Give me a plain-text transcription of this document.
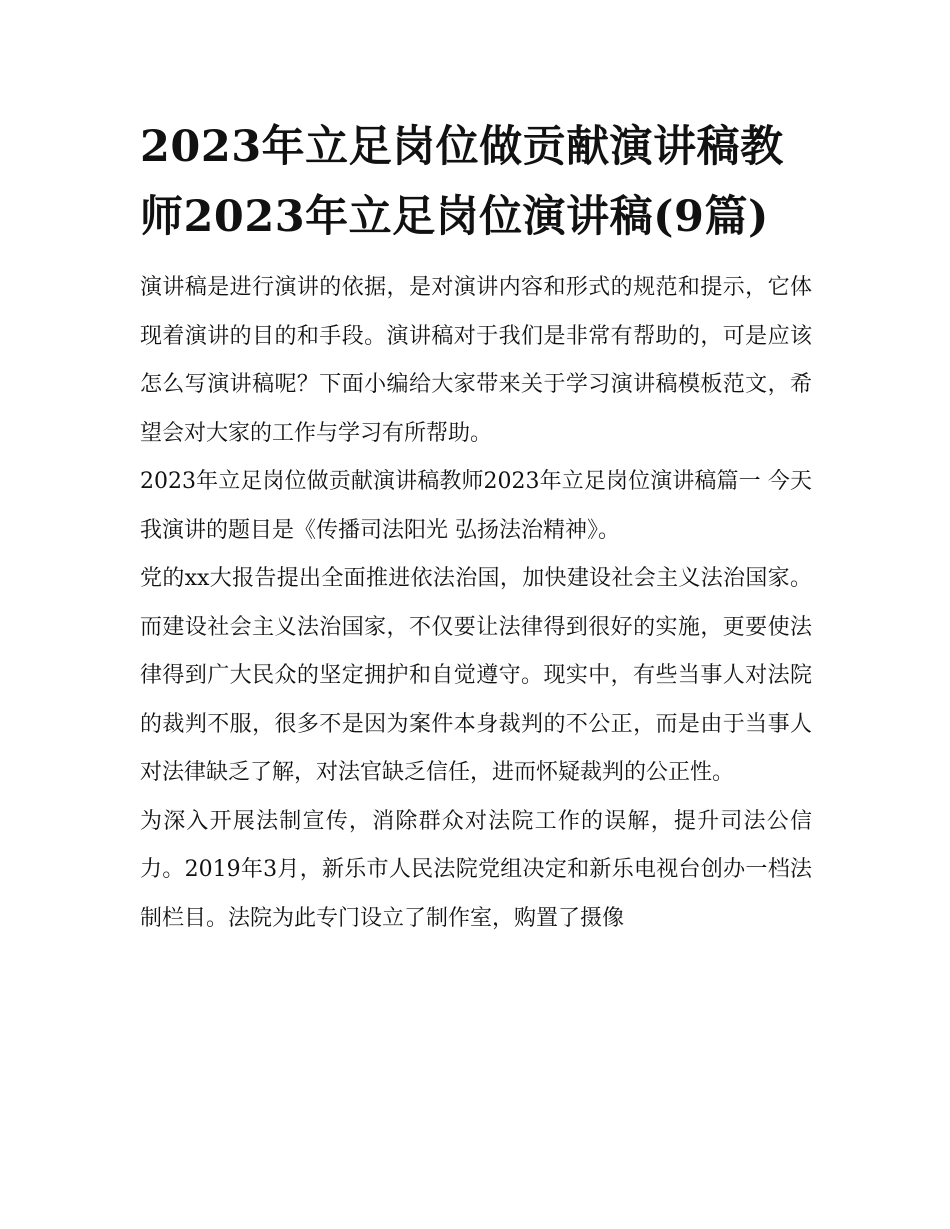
2023年立足岗位做贡献演讲稿教师2023年立足岗位演讲稿(9篇)

演讲稿是进行演讲的依据，是对演讲内容和形式的规范和提示，它体现着演讲的目的和手段。演讲稿对于我们是非常有帮助的，可是应该怎么写演讲稿呢？下面小编给大家带来关于学习演讲稿模板范文，希望会对大家的工作与学习有所帮助。

2023年立足岗位做贡献演讲稿教师2023年立足岗位演讲稿篇一 今天我演讲的题目是《传播司法阳光 弘扬法治精神》。

党的xx大报告提出全面推进依法治国，加快建设社会主义法治国家。而建设社会主义法治国家，不仅要让法律得到很好的实施，更要使法律得到广大民众的坚定拥护和自觉遵守。现实中，有些当事人对法院的裁判不服，很多不是因为案件本身裁判的不公正，而是由于当事人对法律缺乏了解，对法官缺乏信任，进而怀疑裁判的公正性。

为深入开展法制宣传，消除群众对法院工作的误解，提升司法公信力。2019年3月，新乐市人民法院党组决定和新乐电视台创办一档法制栏目。法院为此专门设立了制作室，购置了摄像
